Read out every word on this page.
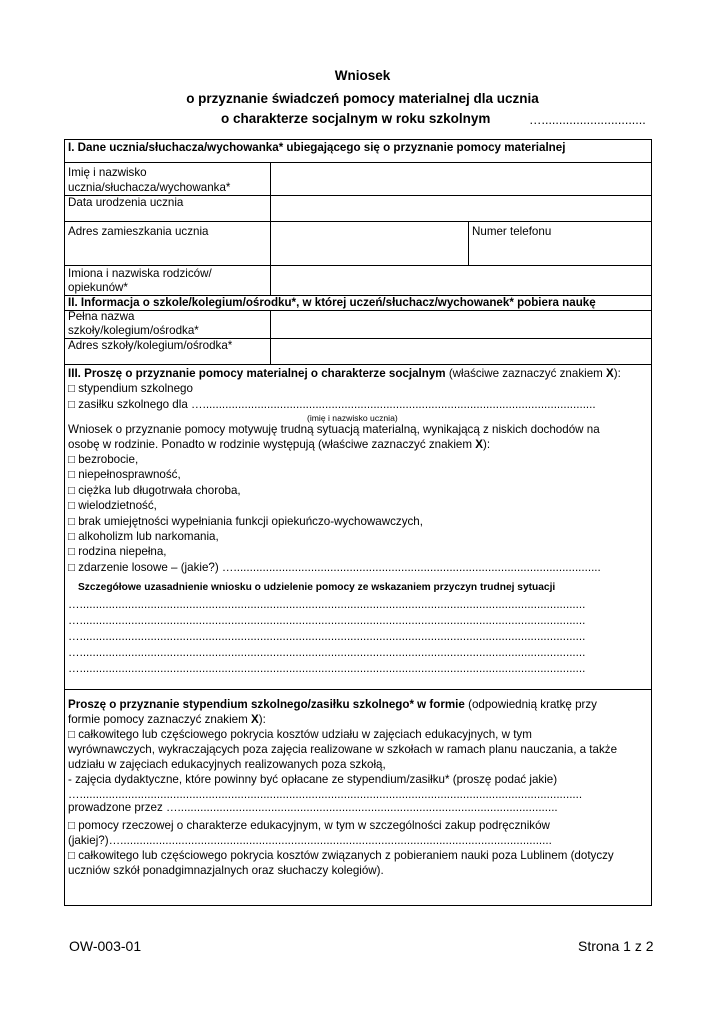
Wniosek
o przyznanie świadczeń pomocy materialnej dla ucznia
o charakterze socjalnym w roku szkolnym	…..............................
I. Dane ucznia/słuchacza/wychowanka* ubiegającego się o przyznanie pomocy materialnej
Imię i nazwisko
ucznia/słuchacza/wychowanka*
Data urodzenia ucznia
Adres zamieszkania ucznia	Numer telefonu
Imiona i nazwiska rodziców/
opiekunów*
II. Informacja o szkole/kolegium/ośrodku*, w której uczeń/słuchacz/wychowanek* pobiera naukę
Pełna nazwa
szkoły/kolegium/ośrodka*
Adres szkoły/kolegium/ośrodka*
III. Proszę o przyznanie pomocy materialnej o charakterze socjalnym (właściwe zaznaczyć znakiem X):
□ stypendium szkolnego
□ zasiłku szkolnego dla …..........................................................................................................................
(imię i nazwisko ucznia)
Wniosek o przyznanie pomocy motywuję trudną sytuacją materialną, wynikającą z niskich dochodów na
osobę w rodzinie. Ponadto w rodzinie występują (właściwe zaznaczyć znakiem X):
□ bezrobocie,
□ niepełnosprawność,
□ ciężka lub długotrwała choroba,
□ wielodzietność,
□ brak umiejętności wypełniania funkcji opiekuńczo-wychowawczych,
□ alkoholizm lub narkomania,
□ rodzina niepełna,
□ zdarzenie losowe – (jakie?) …..................................................................................................................
Szczegółowe uzasadnienie wniosku o udzielenie pomocy ze wskazaniem przyczyn trudnej sytuacji
….............................................................................................................................................................
….............................................................................................................................................................
….............................................................................................................................................................
….............................................................................................................................................................
….............................................................................................................................................................
Proszę o przyznanie stypendium szkolnego/zasiłku szkolnego* w formie (odpowiednią kratkę przy
formie pomocy zaznaczyć znakiem X):
□ całkowitego lub częściowego pokrycia kosztów udziału w zajęciach edukacyjnych, w tym
wyrównawczych, wykraczających poza zajęcia realizowane w szkołach w ramach planu nauczania, a także
udziału w zajęciach edukacyjnych realizowanych poza szkołą,
- zajęcia dydaktyczne, które powinny być opłacane ze stypendium/zasiłku* (proszę podać jakie)
…............................................................................................................................................................
prowadzone przez …......................................................................................................................
□ pomocy rzeczowej o charakterze edukacyjnym, w tym w szczególności zakup podręczników
(jakiej?)…......................................................................................................................................
□ całkowitego lub częściowego pokrycia kosztów związanych z pobieraniem nauki poza Lublinem (dotyczy
uczniów szkół ponadgimnazjalnych oraz słuchaczy kolegiów).
OW-003-01	Strona 1 z 2
